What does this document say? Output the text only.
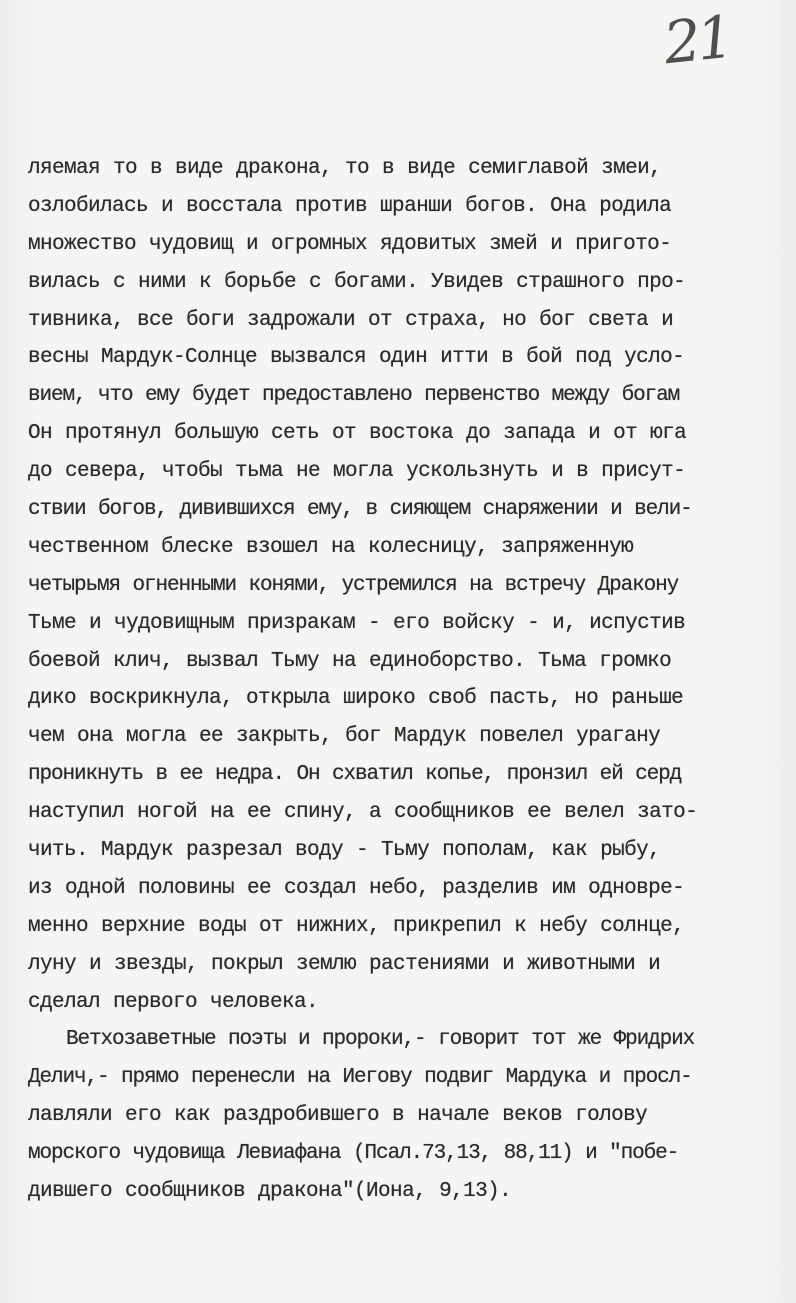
21
ляемая то в виде дракона, то в виде семиглавой змеи,
озлобилась и восстала против шранши богов. Она родила
множество чудовищ и огромных ядовитых змей и пригото-
вилась с ними к борьбе с богами. Увидев страшного про-
тивника, все боги задрожали от страха, но бог света и
весны Мардук-Солнце вызвался один итти в бой под усло-
вием, что ему будет предоставлено первенство между богам
Он протянул большую сеть от востока до запада и от юга
до севера, чтобы тьма не могла ускользнуть и в присут-
ствии богов, дивившихся ему, в сияющем снаряжении и вели-
чественном блеске взошел на колесницу, запряженную
четырьмя огненными конями, устремился на встречу Дракону
Тьме и чудовищным призракам - его войску - и, испустив
боевой клич, вызвал Тьму на единоборство. Тьма громко
дико воскрикнула, открыла широко своб пасть, но раньше
чем она могла ее закрыть, бог Мардук повелел урагану
проникнуть в ее недра. Он схватил копье, пронзил ей серд
наступил ногой на ее спину, а сообщников ее велел зато-
чить. Мардук разрезал воду - Тьму пополам, как рыбу,
из одной половины ее создал небо, разделив им одновре-
менно верхние воды от нижних, прикрепил к небу солнце,
луну и звезды, покрыл землю растениями и животными и
сделал первого человека.
Ветхозаветные поэты и пророки,- говорит тот же Фридрих
Делич,- прямо перенесли на Иегову подвиг Мардука и просл-
лавляли его как раздробившего в начале веков голову
морского чудовища Левиафана (Псал.73,13, 88,11) и "побе-
дившего сообщников дракона"(Иона, 9,13).
